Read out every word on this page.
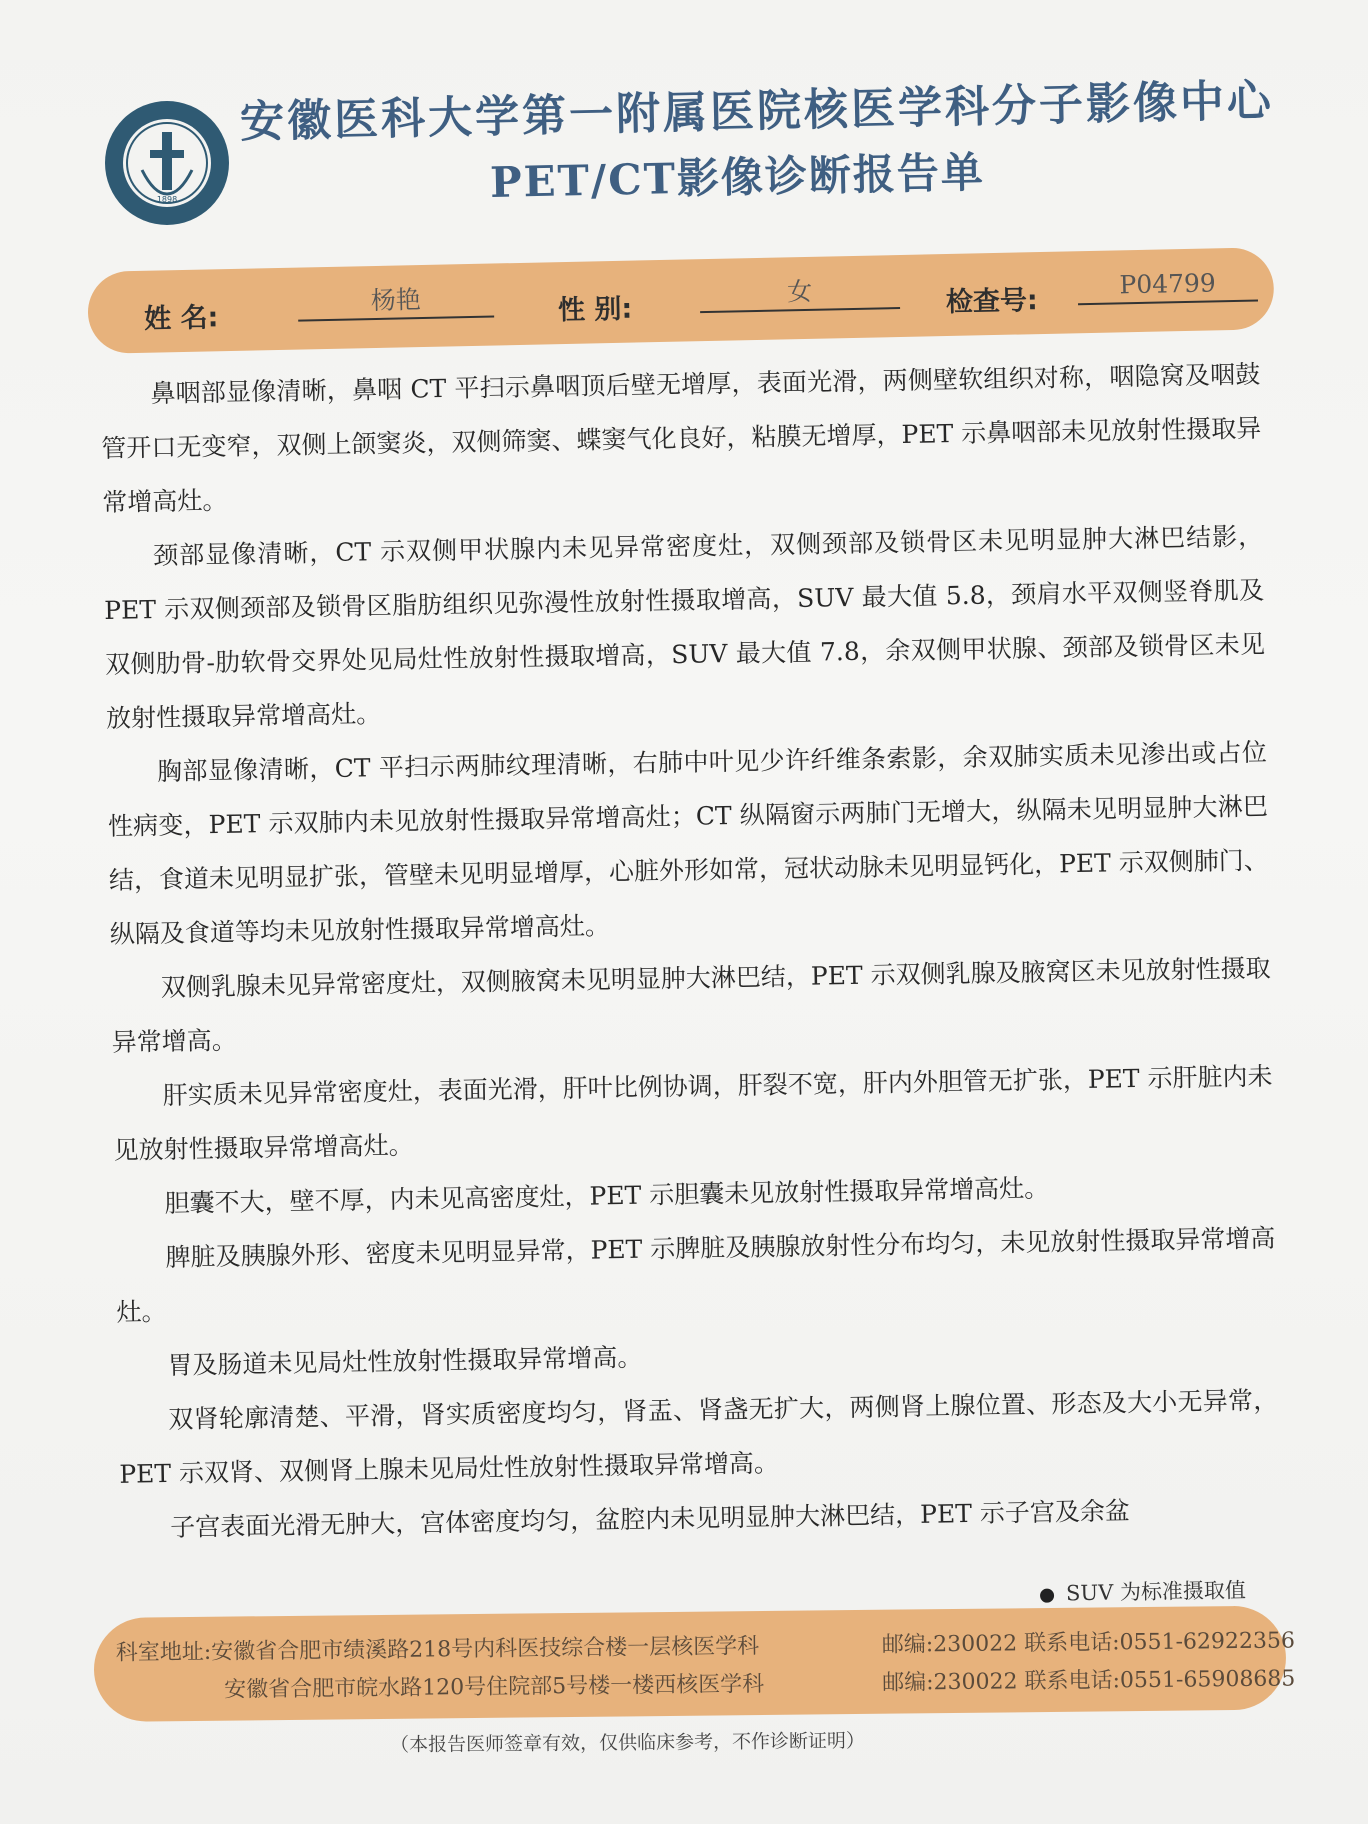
1898
安徽医科大学第一附属医院核医学科分子影像中心
PET/CT影像诊断报告单
姓 名:
杨艳	性 别:
女	检查号:
P04799

鼻咽部显像清晰，鼻咽 CT 平扫示鼻咽顶后壁无增厚，表面光滑，两侧壁软组织对称，咽隐窝及咽鼓管开口无变窄，双侧上颌窦炎，双侧筛窦、蝶窦气化良好，粘膜无增厚，PET 示鼻咽部未见放射性摄取异常增高灶。

颈部显像清晰，CT 示双侧甲状腺内未见异常密度灶，双侧颈部及锁骨区未见明显肿大淋巴结影，PET 示双侧颈部及锁骨区脂肪组织见弥漫性放射性摄取增高，SUV 最大值 5.8，颈肩水平双侧竖脊肌及双侧肋骨-肋软骨交界处见局灶性放射性摄取增高，SUV 最大值 7.8，余双侧甲状腺、颈部及锁骨区未见放射性摄取异常增高灶。

胸部显像清晰，CT 平扫示两肺纹理清晰，右肺中叶见少许纤维条索影，余双肺实质未见渗出或占位性病变，PET 示双肺内未见放射性摄取异常增高灶；CT 纵隔窗示两肺门无增大，纵隔未见明显肿大淋巴结，食道未见明显扩张，管壁未见明显增厚，心脏外形如常，冠状动脉未见明显钙化，PET 示双侧肺门、纵隔及食道等均未见放射性摄取异常增高灶。

双侧乳腺未见异常密度灶，双侧腋窝未见明显肿大淋巴结，PET 示双侧乳腺及腋窝区未见放射性摄取异常增高。

肝实质未见异常密度灶，表面光滑，肝叶比例协调，肝裂不宽，肝内外胆管无扩张，PET 示肝脏内未见放射性摄取异常增高灶。

胆囊不大，壁不厚，内未见高密度灶，PET 示胆囊未见放射性摄取异常增高灶。

脾脏及胰腺外形、密度未见明显异常，PET 示脾脏及胰腺放射性分布均匀，未见放射性摄取异常增高灶。

胃及肠道未见局灶性放射性摄取异常增高。

双肾轮廓清楚、平滑，肾实质密度均匀，肾盂、肾盏无扩大，两侧肾上腺位置、形态及大小无异常，PET 示双肾、双侧肾上腺未见局灶性放射性摄取异常增高。

子宫表面光滑无肿大，宫体密度均匀，盆腔内未见明显肿大淋巴结，PET 示子宫及余盆

SUV 为标准摄取值
科室地址:安徽省合肥市绩溪路218号内科医技综合楼一层核医学科	邮编:230022 联系电话:0551-62922356
安徽省合肥市皖水路120号住院部5号楼一楼西核医学科	邮编:230022 联系电话:0551-65908685
（本报告医师签章有效，仅供临床参考，不作诊断证明）
